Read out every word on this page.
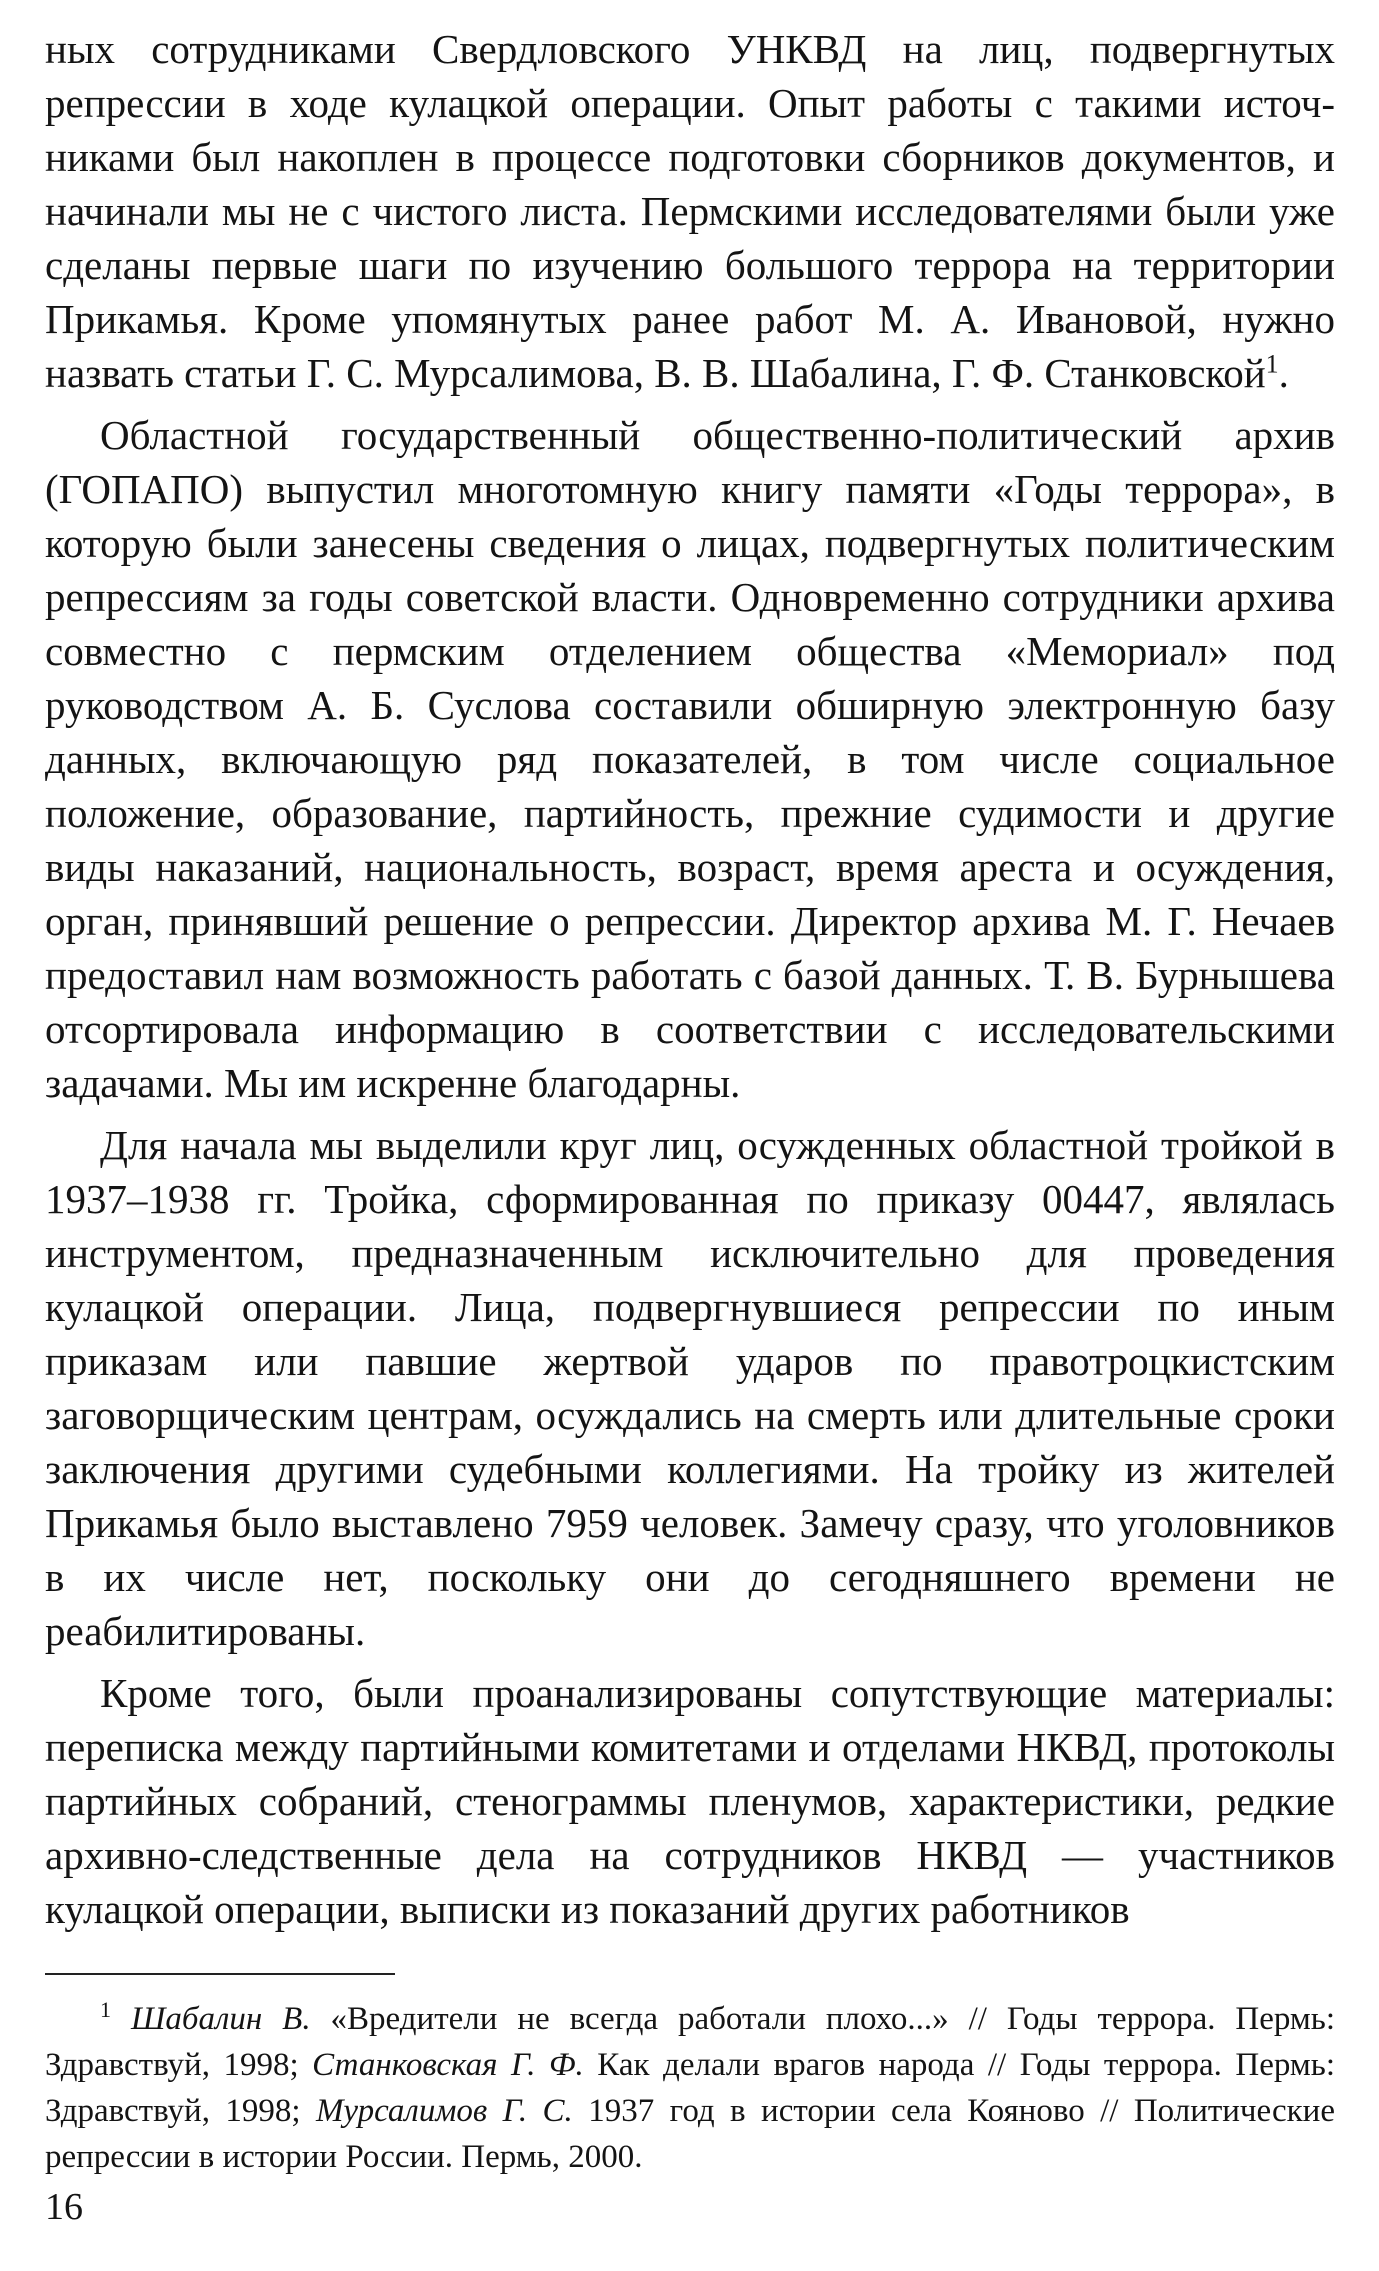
ных сотрудниками Свердловского УНКВД на лиц, подвергнутых репрессии в ходе кулацкой операции. Опыт работы с такими источниками был накоплен в процессе подготовки сборников документов, и начинали мы не с чистого листа. Пермскими исследователями были уже сделаны первые шаги по изучению большого террора на территории Прикамья. Кроме упомянутых ранее работ М. А. Ивановой, нужно назвать статьи Г. С. Мурсалимова, В. В. Шабалина, Г. Ф. Станковской$^1$.

Областной государственный общественно-политический архив (ГОПАПО) выпустил многотомную книгу памяти «Годы террора», в которую были занесены сведения о лицах, подвергнутых политическим репрессиям за годы советской власти. Одновременно сотрудники архива совместно с пермским отделением общества «Мемориал» под руководством А. Б. Суслова составили обширную электронную базу данных, включающую ряд показателей, в том числе социальное положение, образование, партийность, прежние судимости и другие виды наказаний, национальность, возраст, время ареста и осуждения, орган, принявший решение о репрессии. Директор архива М. Г. Нечаев предоставил нам возможность работать с базой данных. Т. В. Бурнышева отсортировала информацию в соответствии с исследовательскими задачами. Мы им искренне благодарны.

Для начала мы выделили круг лиц, осужденных областной тройкой в 1937–1938 гг. Тройка, сформированная по приказу 00447, являлась инструментом, предназначенным исключительно для проведения кулацкой операции. Лица, подвергнувшиеся репрессии по иным приказам или павшие жертвой ударов по правотроцкистским заговорщическим центрам, осуждались на смерть или длительные сроки заключения другими судебными коллегиями. На тройку из жителей Прикамья было выставлено 7959 человек. Замечу сразу, что уголовников в их числе нет, поскольку они до сегодняшнего времени не реабилитированы.

Кроме того, были проанализированы сопутствующие материалы: переписка между партийными комитетами и отделами НКВД, протоколы партийных собраний, стенограммы пленумов, характеристики, редкие архивно-следственные дела на сотрудников НКВД — участников кулацкой операции, выписки из показаний других работников

$^1$ Шабалин В. «Вредители не всегда работали плохо...» // Годы террора. Пермь: Здравствуй, 1998; Станковская Г. Ф. Как делали врагов народа // Годы террора. Пермь: Здравствуй, 1998; Мурсалимов Г. С. 1937 год в истории села Кояново // Политические репрессии в истории России. Пермь, 2000.

16
